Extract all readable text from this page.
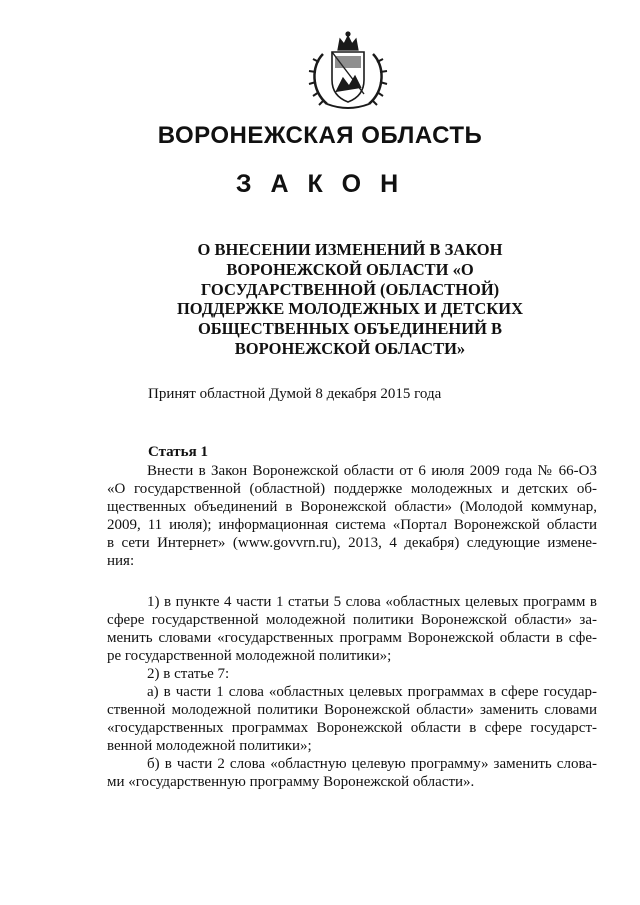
ВОРОНЕЖСКАЯ ОБЛАСТЬ
З А К О Н
О ВНЕСЕНИИ ИЗМЕНЕНИЙ В ЗАКОН
ВОРОНЕЖСКОЙ ОБЛАСТИ «О
ГОСУДАРСТВЕННОЙ (ОБЛАСТНОЙ)
ПОДДЕРЖКЕ МОЛОДЕЖНЫХ И ДЕТСКИХ
ОБЩЕСТВЕННЫХ ОБЪЕДИНЕНИЙ В
ВОРОНЕЖСКОЙ ОБЛАСТИ»
Принят областной Думой 8 декабря 2015 года
Статья 1
Внести в Закон Воронежской области от 6 июля 2009 года № 66-ОЗ
«О государственной (областной) поддержке молодежных и детских об-
щественных объединений в Воронежской области» (Молодой коммунар,
2009, 11 июля); информационная система «Портал Воронежской области
в сети Интернет» (www.govvrn.ru), 2013, 4 декабря) следующие измене-
ния:
1) в пункте 4 части 1 статьи 5 слова «областных целевых программ в
сфере государственной молодежной политики Воронежской области» за-
менить словами «государственных программ Воронежской области в сфе-
ре государственной молодежной политики»;
2) в статье 7:
а) в части 1 слова «областных целевых программах в сфере государ-
ственной молодежной политики Воронежской области» заменить словами
«государственных программах Воронежской области в сфере государст-
венной молодежной политики»;
б) в части 2 слова «областную целевую программу» заменить слова-
ми «государственную программу Воронежской области».
